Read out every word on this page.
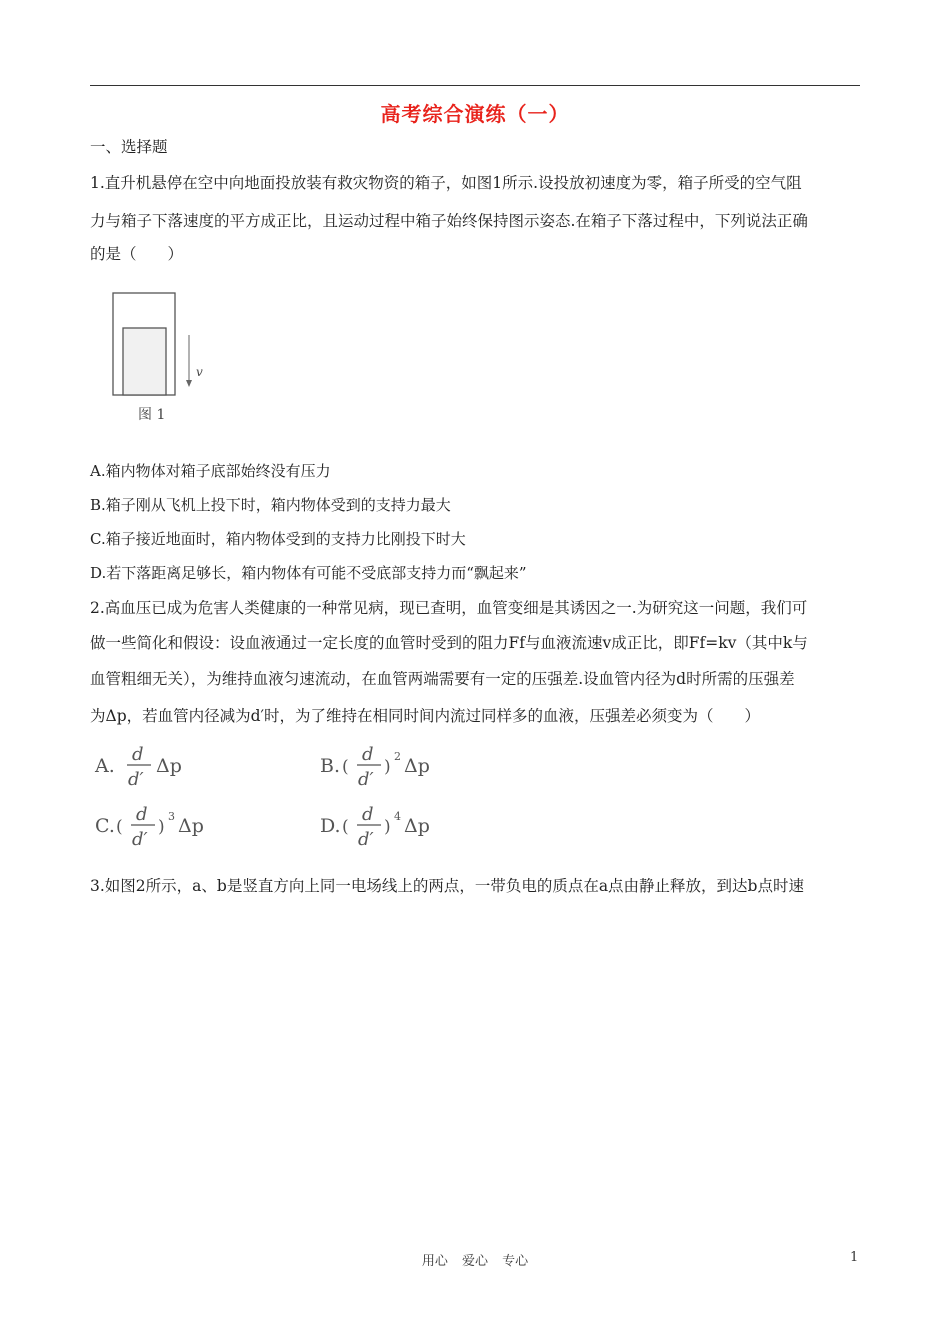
高考综合演练（一）
一、选择题
1.直升机悬停在空中向地面投放装有救灾物资的箱子，如图1所示.设投放初速度为零，箱子所受的空气阻
力与箱子下落速度的平方成正比，且运动过程中箱子始终保持图示姿态.在箱子下落过程中，下列说法正确
的是（　　）
v
图 1
A.箱内物体对箱子底部始终没有压力
B.箱子刚从飞机上投下时，箱内物体受到的支持力最大
C.箱子接近地面时，箱内物体受到的支持力比刚投下时大
D.若下落距离足够长，箱内物体有可能不受底部支持力而“飘起来”
2.高血压已成为危害人类健康的一种常见病，现已查明，血管变细是其诱因之一.为研究这一问题，我们可
做一些简化和假设：设血液通过一定长度的血管时受到的阻力Ff与血液流速v成正比，即Ff=kv（其中k与
血管粗细无关），为维持血液匀速流动，在血管两端需要有一定的压强差.设血管内径为d时所需的压强差
为Δp，若血管内径减为d′时，为了维持在相同时间内流过同样多的血液，压强差必须变为（　　）
A.
d
d′
Δp	B. (
d
d′
)
2 Δp
C. (
d
d′
)
3 Δp	D. (
d
d′
)
4 Δp
3.如图2所示，a、b是竖直方向上同一电场线上的两点，一带负电的质点在a点由静止释放，到达b点时速
用心 爱心 专心	1
